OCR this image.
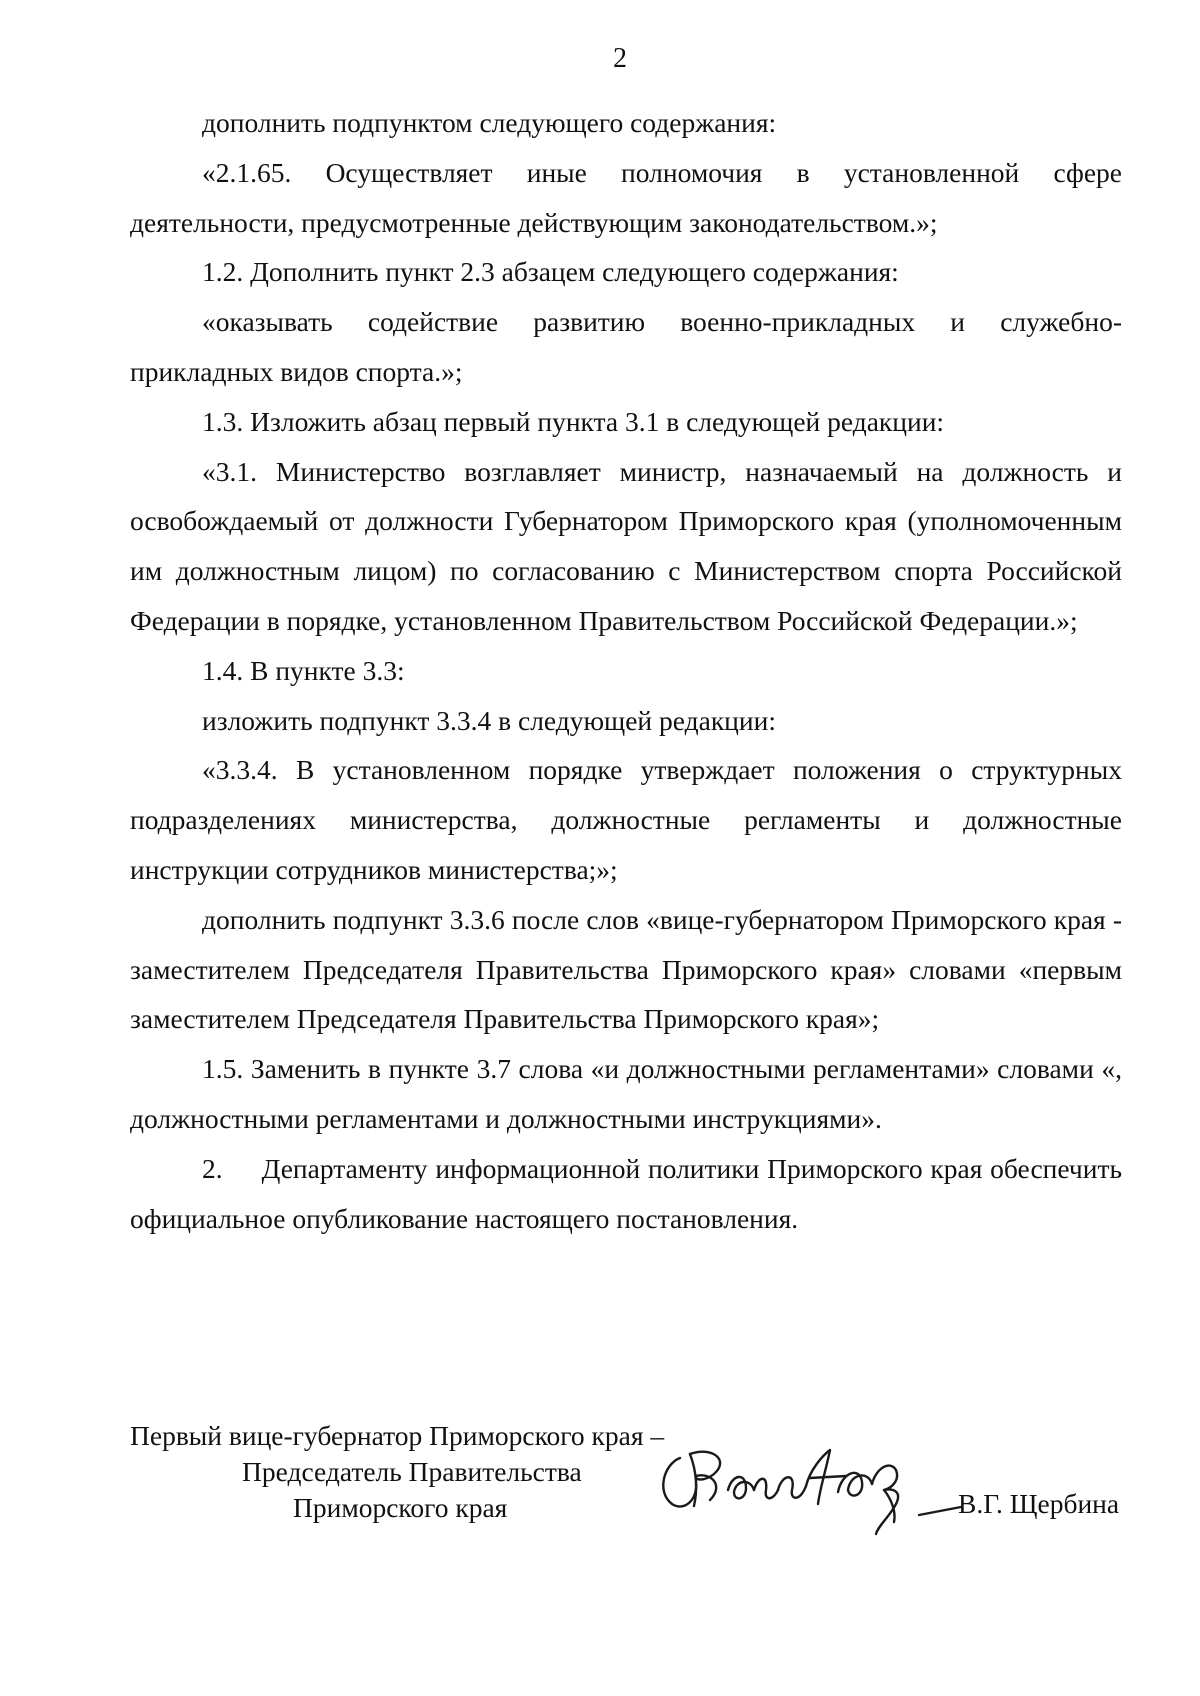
2

дополнить подпунктом следующего содержания:

«2.1.65. Осуществляет иные полномочия в установленной сфере деятельности, предусмотренные действующим законодательством.»;

1.2. Дополнить пункт 2.3 абзацем следующего содержания:

«оказывать содействие развитию военно-прикладных и служебно-прикладных видов спорта.»;

1.3. Изложить абзац первый пункта 3.1 в следующей редакции:

«3.1. Министерство возглавляет министр, назначаемый на должность и освобождаемый от должности Губернатором Приморского края (уполномоченным им должностным лицом) по согласованию с Министерством спорта Российской Федерации в порядке, установленном Правительством Российской Федерации.»;

1.4. В пункте 3.3:

изложить подпункт 3.3.4 в следующей редакции:

«3.3.4. В установленном порядке утверждает положения о структурных подразделениях министерства, должностные регламенты и должностные инструкции сотрудников министерства;»;

дополнить подпункт 3.3.6 после слов «вице-губернатором Приморского края - заместителем Председателя Правительства Приморского края» словами «первым заместителем Председателя Правительства Приморского края»;

1.5. Заменить в пункте 3.7 слова «и должностными регламентами» словами «, должностными регламентами и должностными инструкциями».

2.     Департаменту информационной политики Приморского края обеспечить официальное опубликование настоящего постановления.

Первый вице-губернатор Приморского края –
Председатель Правительства
Приморского края	В.Г. Щербина
